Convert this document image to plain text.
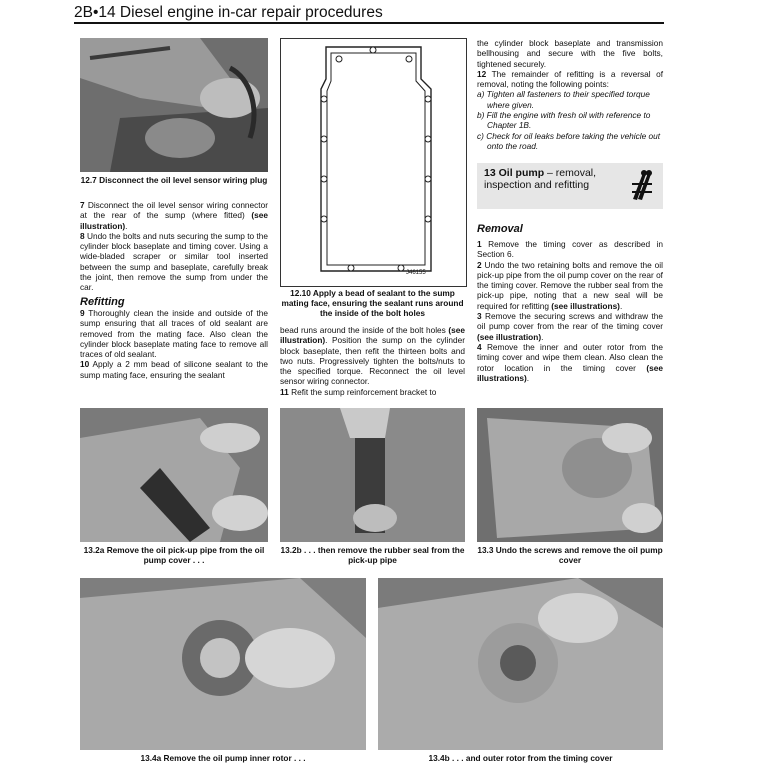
2B•14 Diesel engine in-car repair procedures
12.7 Disconnect the oil level sensor wiring plug

7 Disconnect the oil level sensor wiring connector at the rear of the sump (where fitted) (see illustration).

8 Undo the bolts and nuts securing the sump to the cylinder block baseplate and timing cover. Using a wide-bladed scraper or similar tool inserted between the sump and baseplate, carefully break the joint, then remove the sump from under the car.

Refitting

9 Thoroughly clean the inside and outside of the sump ensuring that all traces of old sealant are removed from the mating face. Also clean the cylinder block baseplate mating face to remove all traces of old sealant.

10 Apply a 2 mm bead of silicone sealant to the sump mating face, ensuring the sealant

J46155
12.10 Apply a bead of sealant to the sump mating face, ensuring the sealant runs around the inside of the bolt holes

bead runs around the inside of the bolt holes (see illustration). Position the sump on the cylinder block baseplate, then refit the thirteen bolts and two nuts. Progressively tighten the bolts/nuts to the specified torque. Reconnect the oil level sensor wiring connector.

11 Refit the sump reinforcement bracket to

the cylinder block baseplate and transmission bellhousing and secure with the five bolts, tightened securely.

12 The remainder of refitting is a reversal of removal, noting the following points:

a) Tighten all fasteners to their specified torque where given.

b) Fill the engine with fresh oil with reference to Chapter 1B.

c) Check for oil leaks before taking the vehicle out onto the road.

13 Oil pump – removal, inspection and refitting
Removal

1 Remove the timing cover as described in Section 6.

2 Undo the two retaining bolts and remove the oil pick-up pipe from the oil pump cover on the rear of the timing cover. Remove the rubber seal from the pick-up pipe, noting that a new seal will be required for refitting (see illustrations).

3 Remove the securing screws and withdraw the oil pump cover from the rear of the timing cover (see illustration).

4 Remove the inner and outer rotor from the timing cover and wipe them clean. Also clean the rotor location in the timing cover (see illustrations).

13.2a Remove the oil pick-up pipe from the oil pump cover . . .
13.2b . . . then remove the rubber seal from the pick-up pipe
13.3 Undo the screws and remove the oil pump cover
13.4a Remove the oil pump inner rotor . . .	13.4b . . . and outer rotor from the timing cover
